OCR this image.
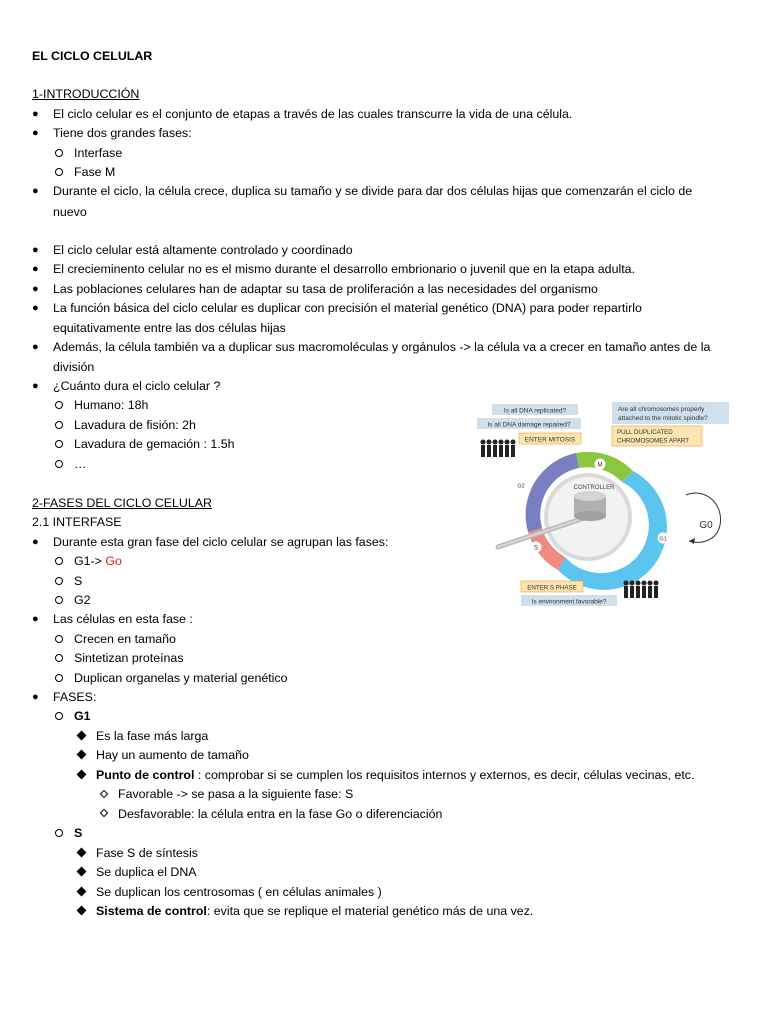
EL CICLO CELULAR
1-INTRODUCCIÓN
● El ciclo celular es el conjunto de etapas a través de las cuales transcurre la vida de una célula.
● Tiene dos grandes fases:
Interfase
Fase M
● Durante el ciclo, la célula crece, duplica su tamaño y se divide para dar dos células hijas que comenzarán el ciclo de
nuevo
● El ciclo celular está altamente controlado y coordinado
● El crecieminento celular no es el mismo durante el desarrollo embrionario o juvenil que en la etapa adulta.
● Las poblaciones celulares han de adaptar su tasa de proliferación a las necesidades del organismo
● La función básica del ciclo celular es duplicar con precisión el material genético (DNA) para poder repartirlo
equitativamente entre las dos células hijas
● Además, la célula también va a duplicar sus macromoléculas y orgánulos -> la célula va a crecer en tamaño antes de la
división
● ¿Cuánto dura el ciclo celular ?
Humano: 18h
Lavadura de fisión: 2h
Lavadura de gemación : 1.5h
…
2-FASES DEL CICLO CELULAR
2.1 INTERFASE
● Durante esta gran fase del ciclo celular se agrupan las fases:
G1-> Go
S
G2
● Las células en esta fase :
Crecen en tamaño
Sintetizan proteínas
Duplican organelas y material genético
● FASES:
G1
Es la fase más larga
Hay un aumento de tamaño
Punto de control : comprobar si se cumplen los requisitos internos y externos, es decir, células vecinas, etc.
Favorable -> se pasa a la siguiente fase: S
Desfavorable: la célula entra en la fase Go o diferenciación
S
Fase S de síntesis
Se duplica el DNA
Se duplican los centrosomas ( en células animales )
Sistema de control: evita que se replique el material genético más de una vez.
Is all DNA replicated?
Is all DNA damage repaired?
ENTER MITOSIS
Are all chromosomes properly
attached to the mitotic spindle?
PULL DUPLICATED
CHROMOSOMES APART
CONTROLLER
M
G2
G1
S
G0
ENTER S PHASE
Is environment favorable?
